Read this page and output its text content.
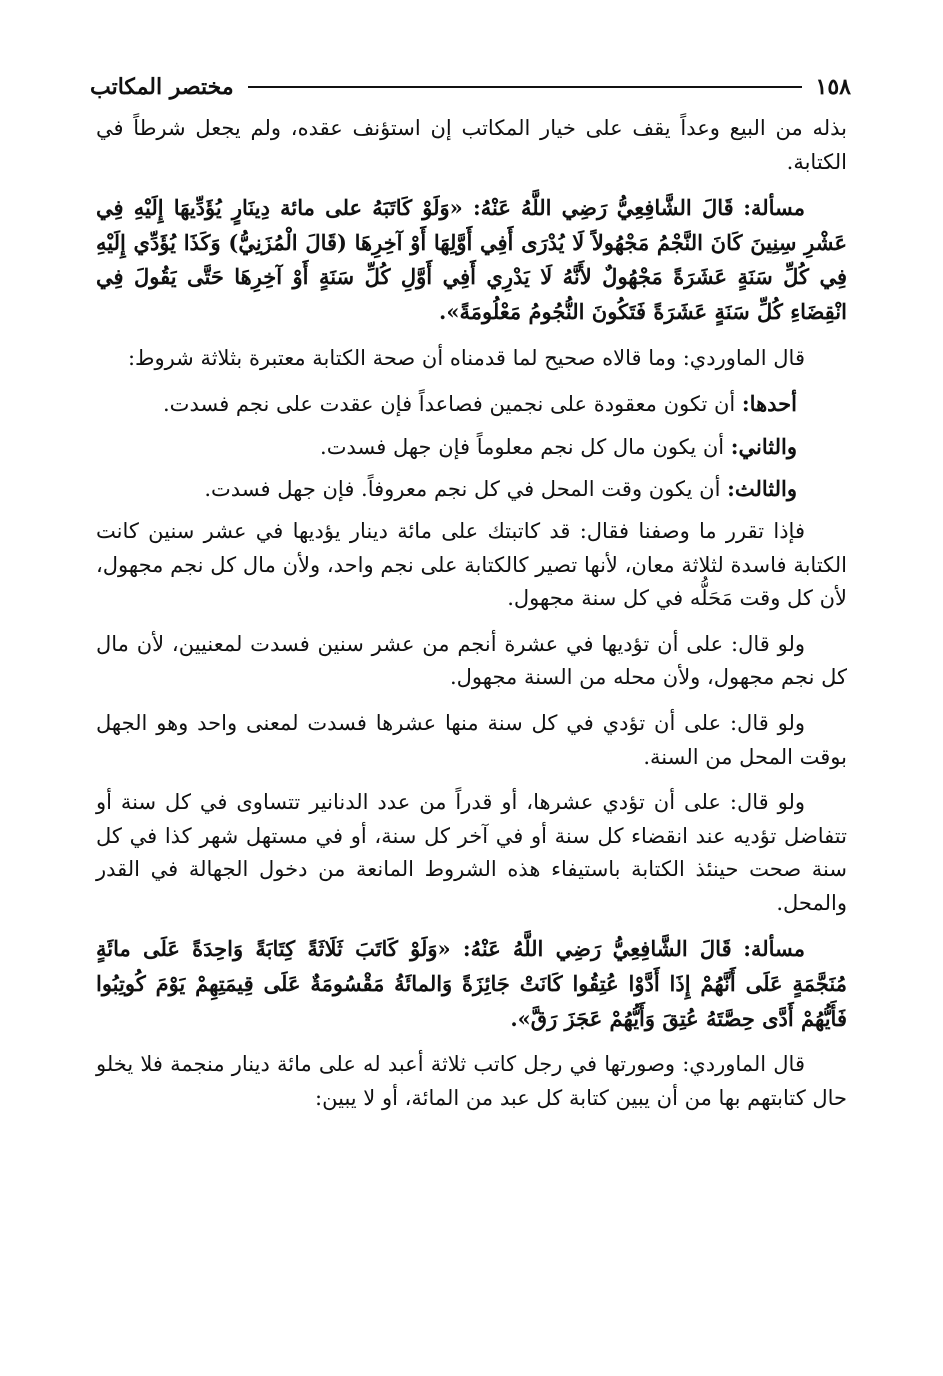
١٥٨
مختصر المكاتب

بذله من البيع وعداً يقف على خيار المكاتب إن استؤنف عقده، ولم يجعل شرطاً في الكتابة.

مسألة: قَالَ الشَّافِعِيُّ رَضِي اللَّهُ عَنْهُ: «وَلَوْ كَاتَبَهُ على مائة دِينَارٍ يُؤَدِّيهَا إِلَيْهِ فِي عَشْرِ سِنِينَ كَانَ النَّجْمُ مَجْهُولاً لَا يُدْرَى أَفِي أَوَّلِهَا أَوْ آخِرِهَا (قَالَ الْمُزَنِيُّ) وَكَذَا يُؤَدِّي إِلَيْهِ فِي كُلِّ سَنَةٍ عَشَرَةً مَجْهُولٌ لأَنَّهُ لَا يَدْرِي أَفِي أَوَّلِ كُلِّ سَنَةٍ أَوْ آخِرِهَا حَتَّى يَقُولَ فِي انْقِضَاءِ كُلِّ سَنَةٍ عَشَرَةً فَتَكُونَ النُّجُومُ مَعْلُومَةً».

قال الماوردي: وما قالاه صحيح لما قدمناه أن صحة الكتابة معتبرة بثلاثة شروط:

أحدها: أن تكون معقودة على نجمين فصاعداً فإن عقدت على نجم فسدت.

والثاني: أن يكون مال كل نجم معلوماً فإن جهل فسدت.

والثالث: أن يكون وقت المحل في كل نجم معروفاً. فإن جهل فسدت.

فإذا تقرر ما وصفنا فقال: قد كاتبتك على مائة دينار يؤديها في عشر سنين كانت الكتابة فاسدة لثلاثة معان، لأنها تصير كالكتابة على نجم واحد، ولأن مال كل نجم مجهول، لأن كل وقت مَحَلُّه في كل سنة مجهول.

ولو قال: على أن تؤديها في عشرة أنجم من عشر سنين فسدت لمعنيين، لأن مال كل نجم مجهول، ولأن محله من السنة مجهول.

ولو قال: على أن تؤدي في كل سنة منها عشرها فسدت لمعنى واحد وهو الجهل بوقت المحل من السنة.

ولو قال: على أن تؤدي عشرها، أو قدراً من عدد الدنانير تتساوى في كل سنة أو تتفاضل تؤديه عند انقضاء كل سنة أو في آخر كل سنة، أو في مستهل شهر كذا في كل سنة صحت حينئذ الكتابة باستيفاء هذه الشروط المانعة من دخول الجهالة في القدر والمحل.

مسألة: قَالَ الشَّافِعِيُّ رَضِي اللَّهُ عَنْهُ: «وَلَوْ كَاتَبَ ثَلَاثَةً كِتَابَةً وَاحِدَةً عَلَى مائَةٍ مُنَجَّمَةٍ عَلَى أَنَّهُمْ إِذَا أَدَّوْا عُتِقُوا كَانَتْ جَائِزَةً وَالمائَةُ مَقْسُومَةٌ عَلَى قِيمَتِهِمْ يَوْمَ كُوتِبُوا فَأَيُّهُمْ أَدَّى حِصَّتَهُ عُتِقَ وَأَيُّهُمْ عَجَزَ رَقَّ».

قال الماوردي: وصورتها في رجل كاتب ثلاثة أعبد له على مائة دينار منجمة فلا يخلو حال كتابتهم بها من أن يبين كتابة كل عبد من المائة، أو لا يبين:
